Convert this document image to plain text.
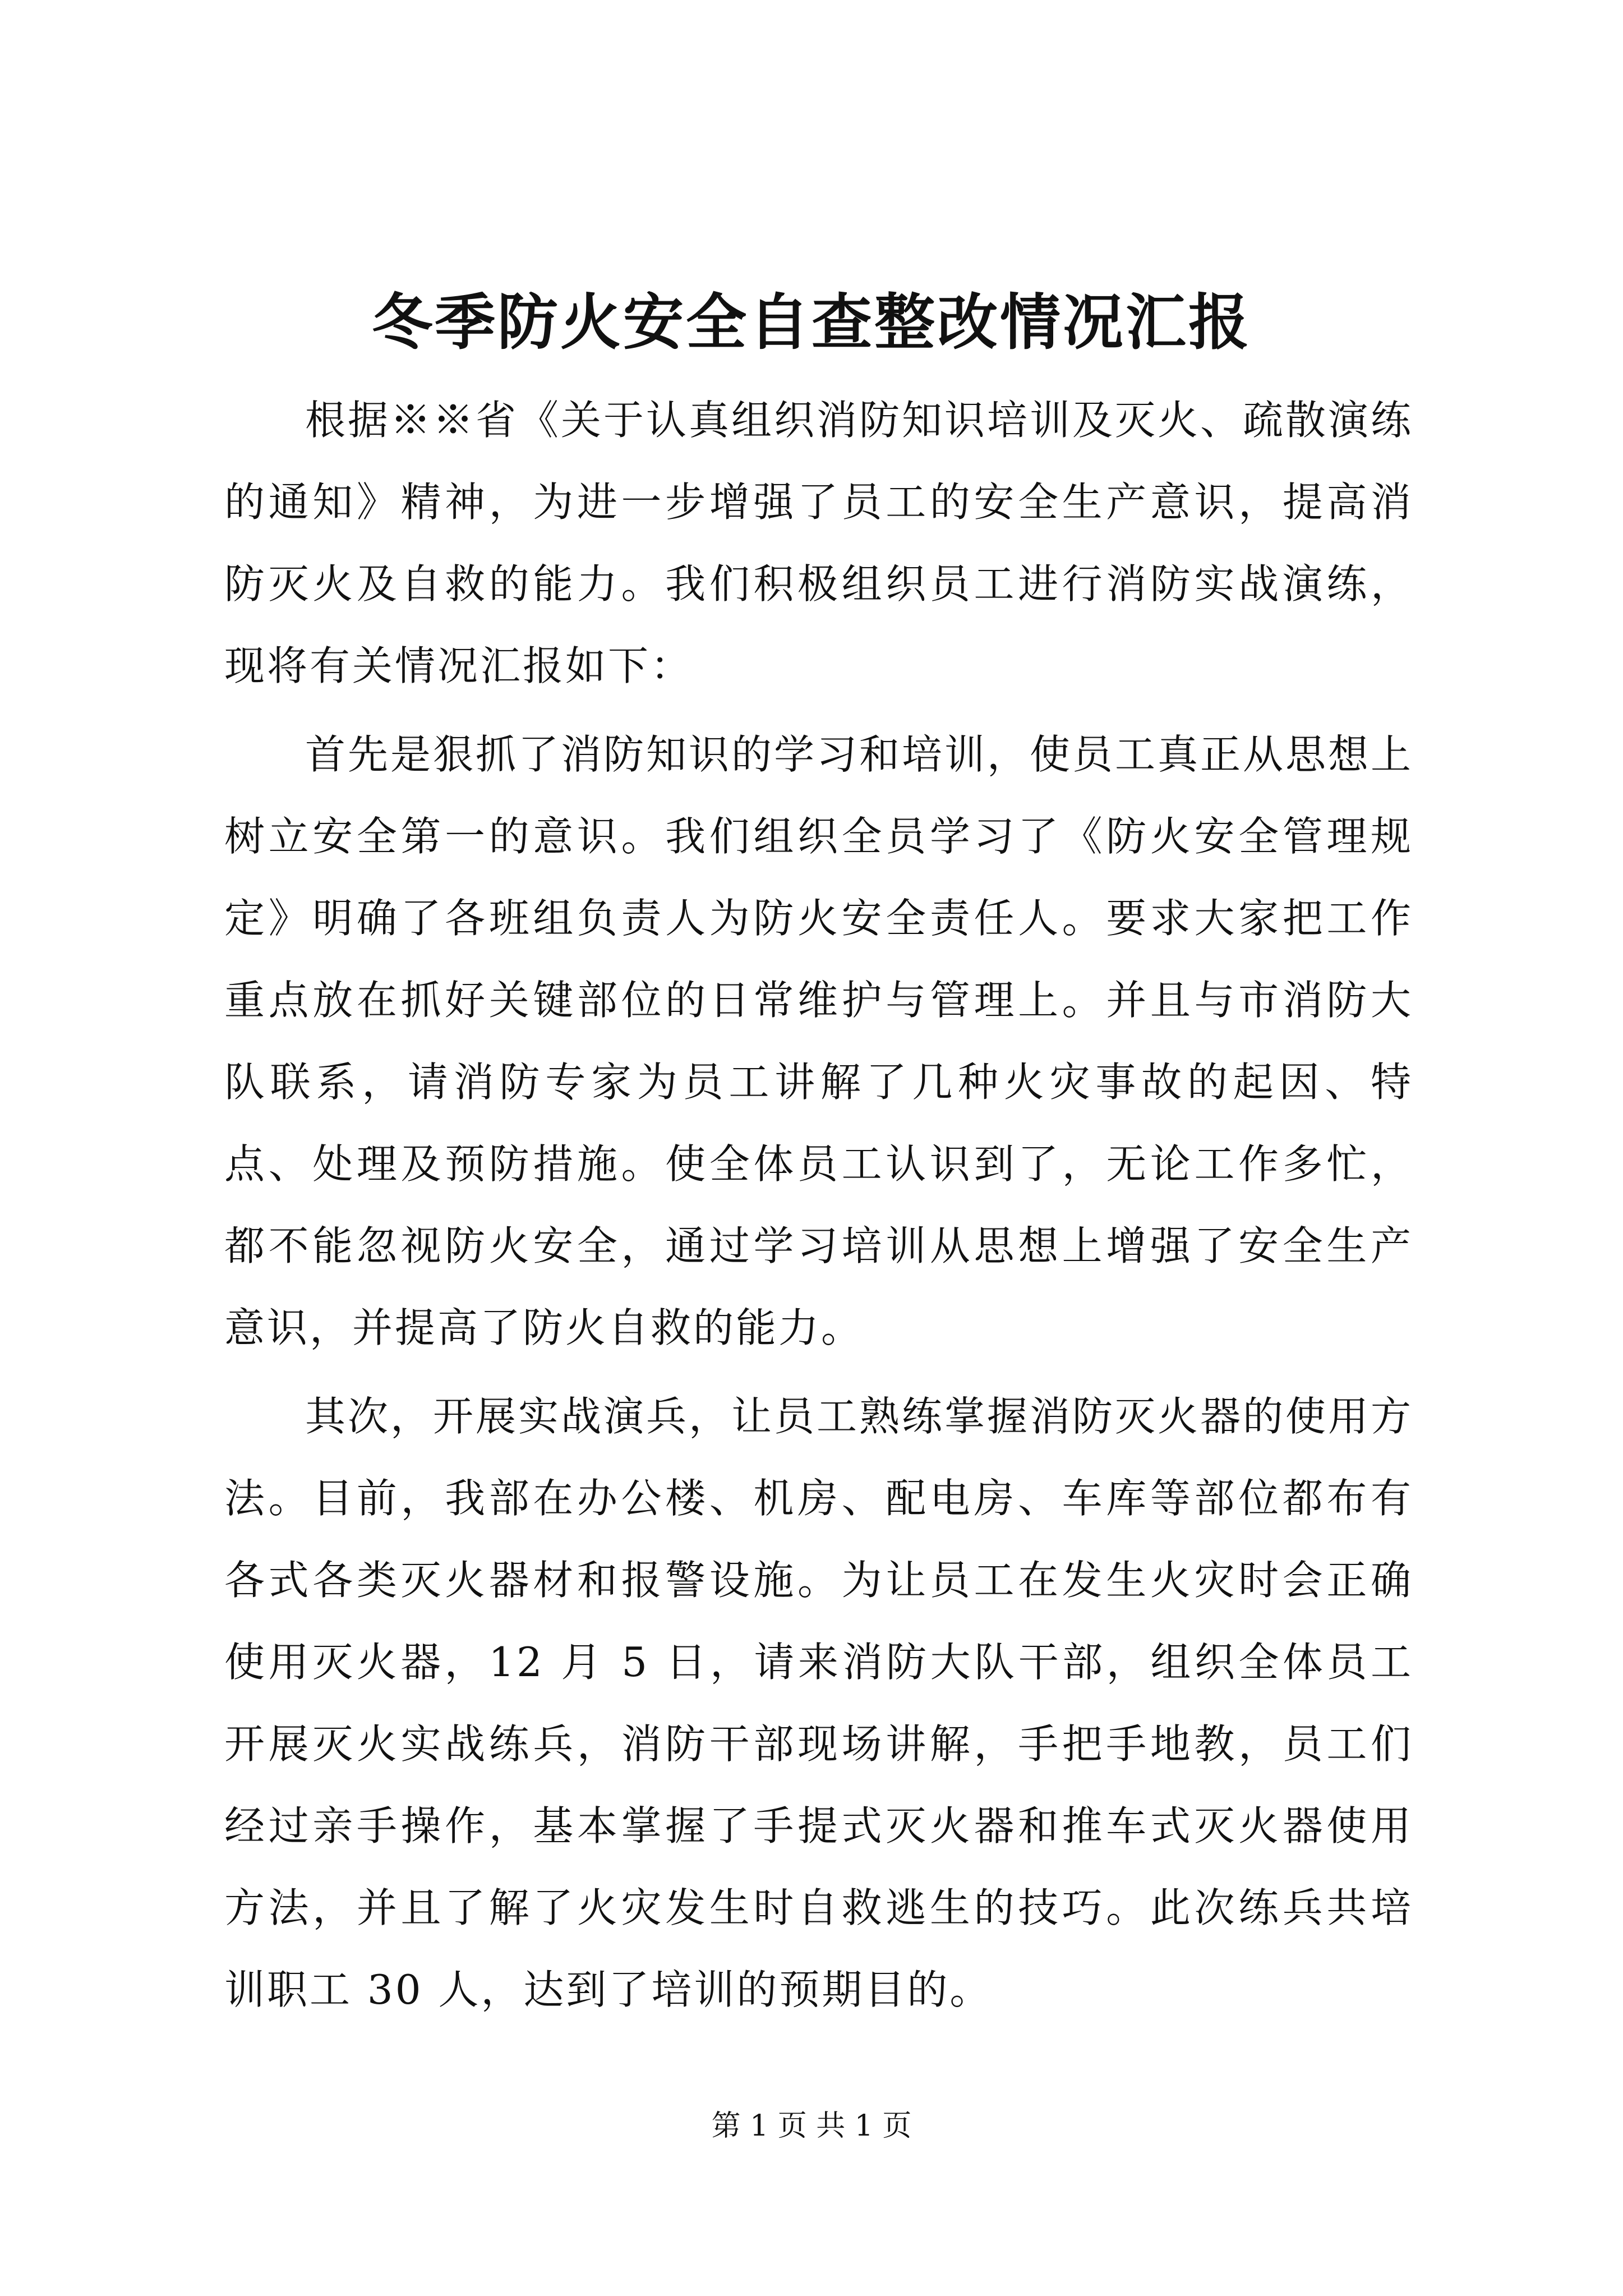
冬季防火安全自查整改情况汇报

根据※※省《关于认真组织消防知识培训及灭火、疏散演练的通知》精神，为进一步增强了员工的安全生产意识，提高消防灭火及自救的能力。我们积极组织员工进行消防实战演练，现将有关情况汇报如下：

首先是狠抓了消防知识的学习和培训，使员工真正从思想上树立安全第一的意识。我们组织全员学习了《防火安全管理规定》明确了各班组负责人为防火安全责任人。要求大家把工作重点放在抓好关键部位的日常维护与管理上。并且与市消防大队联系，请消防专家为员工讲解了几种火灾事故的起因、特点、处理及预防措施。使全体员工认识到了，无论工作多忙，都不能忽视防火安全，通过学习培训从思想上增强了安全生产意识，并提高了防火自救的能力。

其次，开展实战演兵，让员工熟练掌握消防灭火器的使用方法。目前，我部在办公楼、机房、配电房、车库等部位都布有各式各类灭火器材和报警设施。为让员工在发生火灾时会正确使用灭火器，12 月 5 日，请来消防大队干部，组织全体员工开展灭火实战练兵，消防干部现场讲解，手把手地教，员工们经过亲手操作，基本掌握了手提式灭火器和推车式灭火器使用方法，并且了解了火灾发生时自救逃生的技巧。此次练兵共培训职工 30 人，达到了培训的预期目的。

第 1 页 共 1 页
